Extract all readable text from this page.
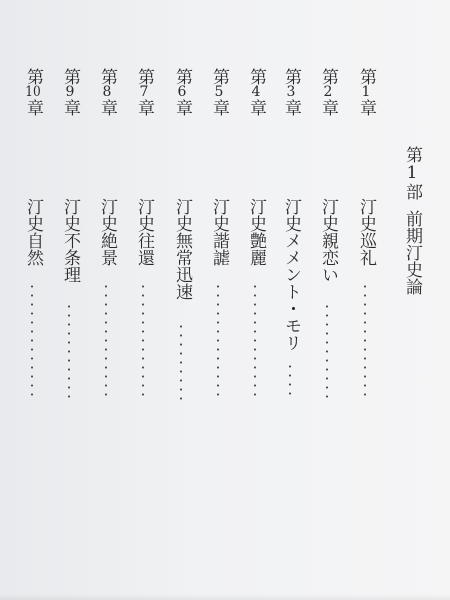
第1部前期汀史論
第1章
汀史巡礼
第2章
汀史親恋い
第3章
汀史メメント・モリ
第4章
汀史艶麗
第5章
汀史諧謔
第6章
汀史無常迅速
第7章
汀史往還
第8章
汀史絶景
第9章
汀史不条理
第10章
汀史自然
